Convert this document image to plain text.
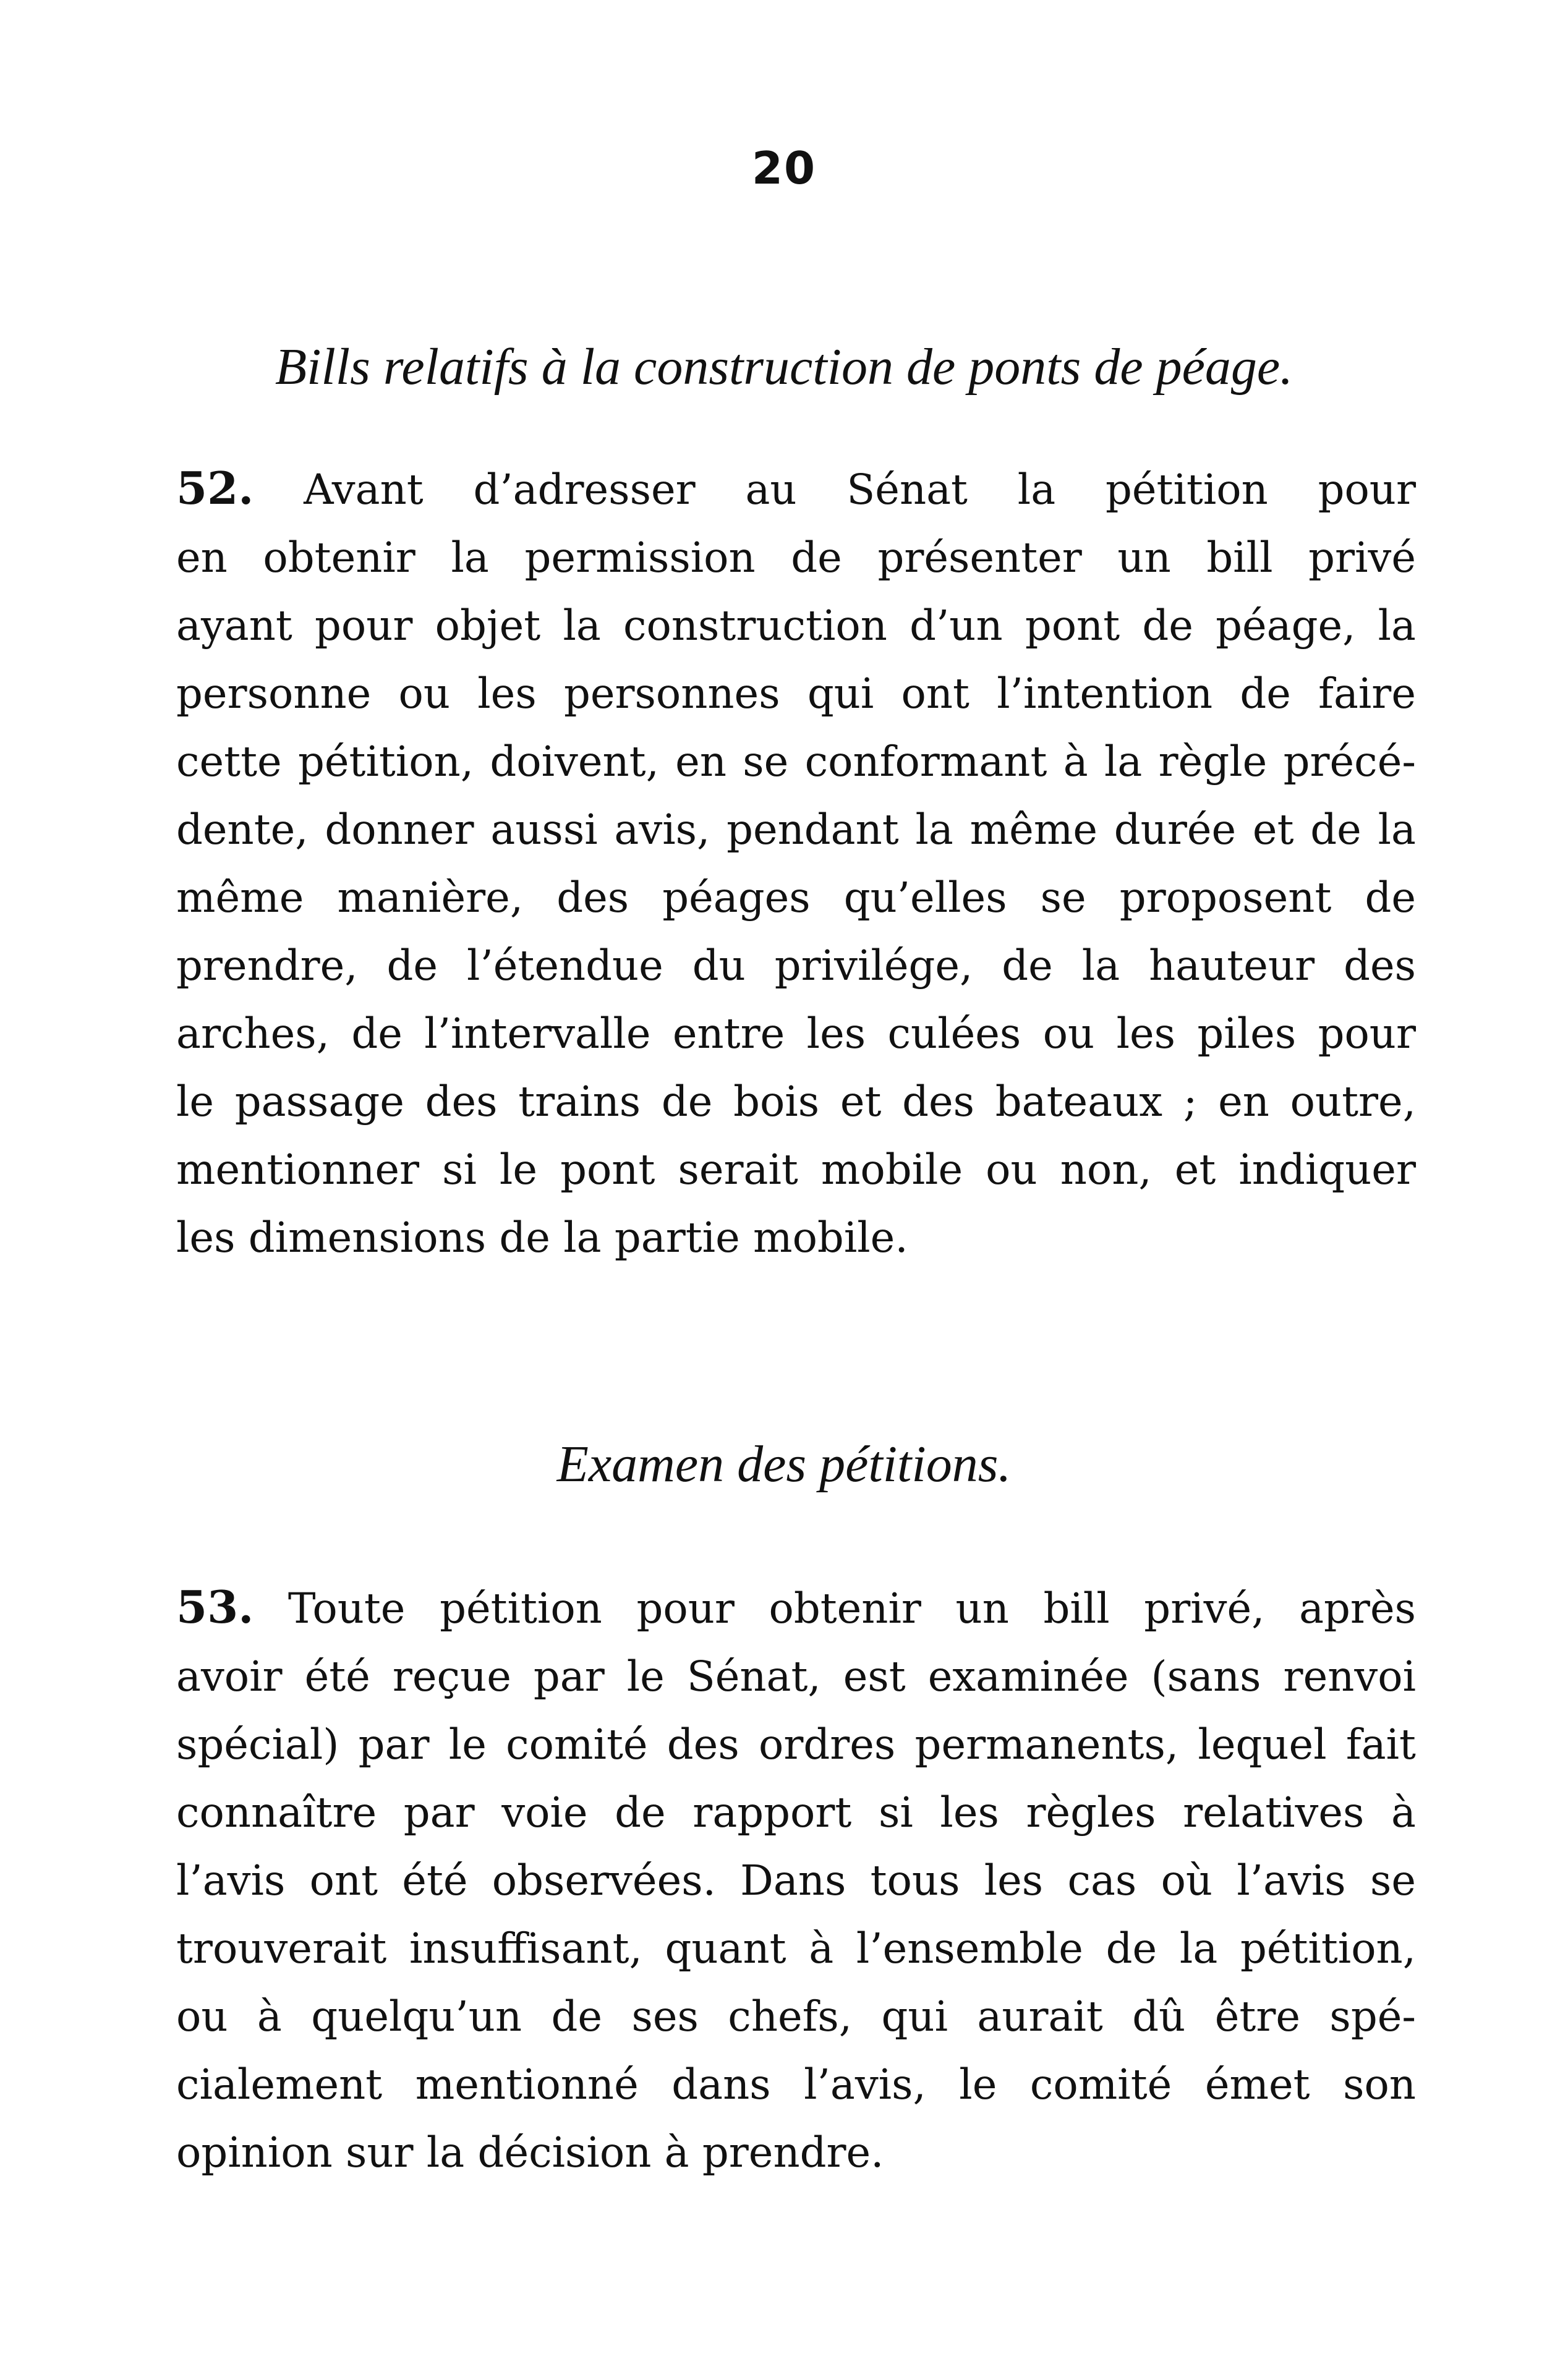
20
Bills relatifs à la construction de ponts de péage.
52. Avant d’adresser au Sénat la pétition pour
en obtenir la permission de présenter un bill privé
ayant pour objet la construction d’un pont de péage, la
personne ou les personnes qui ont l’intention de faire
cette pétition, doivent, en se conformant à la règle précé-
dente, donner aussi avis, pendant la même durée et de la
même manière, des péages qu’elles se proposent de
prendre, de l’étendue du privilége, de la hauteur des
arches, de l’intervalle entre les culées ou les piles pour
le passage des trains de bois et des bateaux ; en outre,
mentionner si le pont serait mobile ou non, et indiquer
les dimensions de la partie mobile.
Examen des pétitions.
53. Toute pétition pour obtenir un bill privé, après
avoir été reçue par le Sénat, est examinée (sans renvoi
spécial) par le comité des ordres permanents, lequel fait
connaître par voie de rapport si les règles relatives à
l’avis ont été observées. Dans tous les cas où l’avis se
trouverait insuffisant, quant à l’ensemble de la pétition,
ou à quelqu’un de ses chefs, qui aurait dû être spé-
cialement mentionné dans l’avis, le comité émet son
opinion sur la décision à prendre.
